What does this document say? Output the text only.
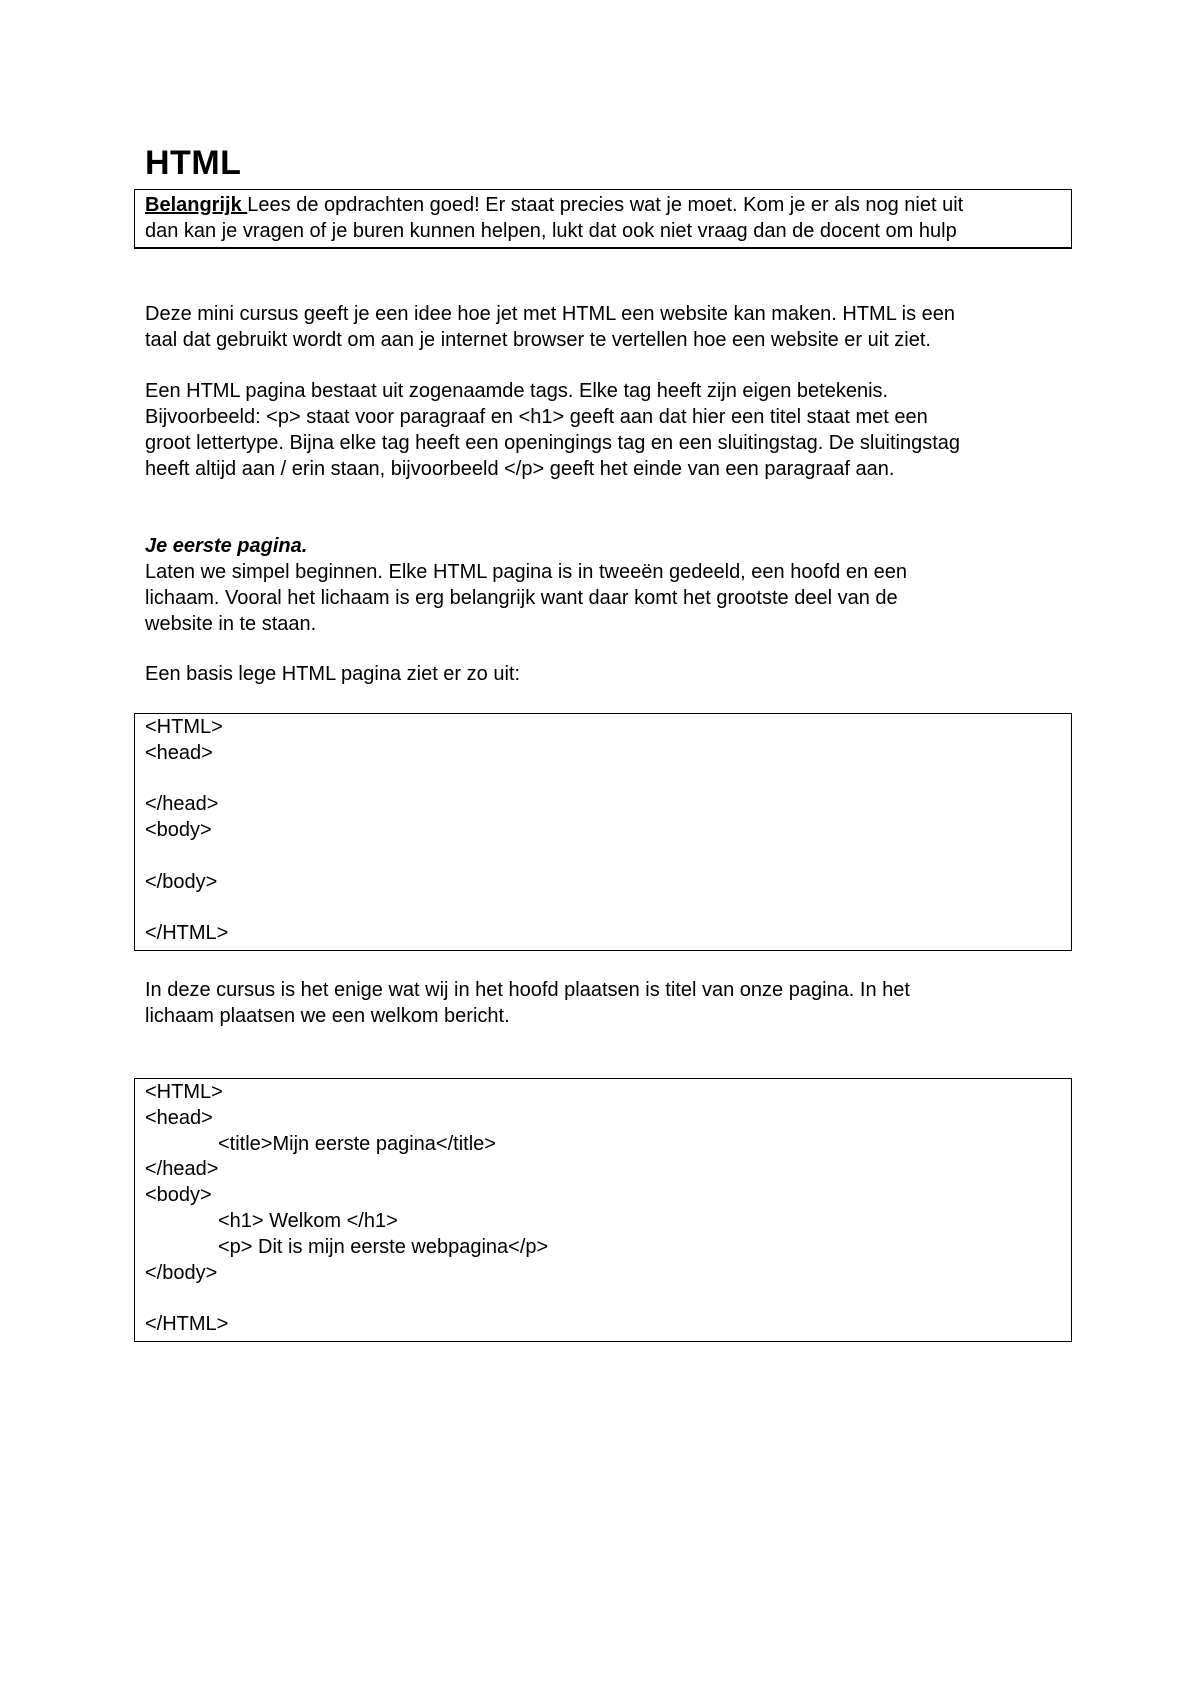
HTML
Belangrijk Lees de opdrachten goed! Er staat precies wat je moet. Kom je er als nog niet uit
dan kan je vragen of je buren kunnen helpen, lukt dat ook niet vraag dan de docent om hulp

Deze mini cursus geeft je een idee hoe jet met HTML een website kan maken. HTML is een
taal dat gebruikt wordt om aan je internet browser te vertellen hoe een website er uit ziet.

Een HTML pagina bestaat uit zogenaamde tags. Elke tag heeft zijn eigen betekenis.
Bijvoorbeeld: <p> staat voor paragraaf en <h1> geeft aan dat hier een titel staat met een
groot lettertype. Bijna elke tag heeft een openingings tag en een sluitingstag. De sluitingstag
heeft altijd aan / erin staan, bijvoorbeeld </p> geeft het einde van een paragraaf aan.

Je eerste pagina.
Laten we simpel beginnen. Elke HTML pagina is in tweeën gedeeld, een hoofd en een
lichaam. Vooral het lichaam is erg belangrijk want daar komt het grootste deel van de
website in te staan.

Een basis lege HTML pagina ziet er zo uit:

<HTML>
<head>
</head>
<body>
</body>
</HTML>

In deze cursus is het enige wat wij in het hoofd plaatsen is titel van onze pagina. In het
lichaam plaatsen we een welkom bericht.

<HTML>
<head>
<title>Mijn eerste pagina</title>
</head>
<body>
<h1> Welkom </h1>
<p> Dit is mijn eerste webpagina</p>
</body>
</HTML>
